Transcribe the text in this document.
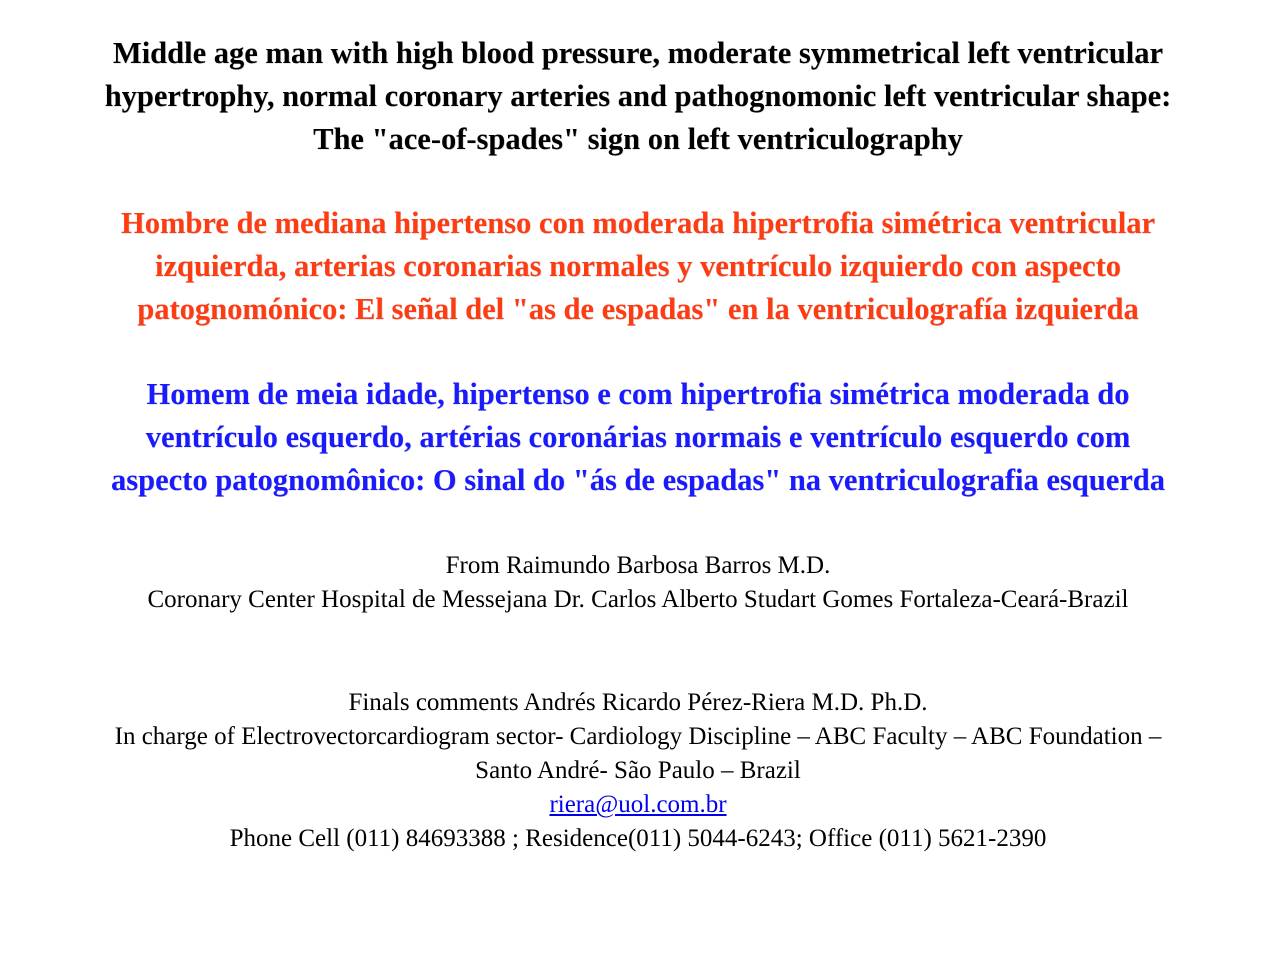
Middle age man with high blood pressure, moderate symmetrical left ventricular
hypertrophy, normal coronary arteries and pathognomonic left ventricular shape:
The "ace-of-spades" sign on left ventriculography
Hombre de mediana hipertenso con moderada hipertrofia simétrica ventricular
izquierda, arterias coronarias normales y ventrículo izquierdo con aspecto
patognomónico: El señal del "as de espadas" en la ventriculografía izquierda
Homem de meia idade, hipertenso e com hipertrofia simétrica moderada do
ventrículo esquerdo, artérias coronárias normais e ventrículo esquerdo com
aspecto patognomônico: O sinal do "ás de espadas" na ventriculografia esquerda
From Raimundo Barbosa Barros M.D.
Coronary Center Hospital de Messejana Dr. Carlos Alberto Studart Gomes Fortaleza-Ceará-Brazil
Finals comments Andrés Ricardo Pérez-Riera M.D. Ph.D.
In charge of Electrovectorcardiogram sector- Cardiology Discipline – ABC Faculty – ABC Foundation –
Santo André- São Paulo – Brazil
riera@uol.com.br
Phone Cell (011) 84693388 ; Residence(011) 5044-6243; Office (011) 5621-2390
